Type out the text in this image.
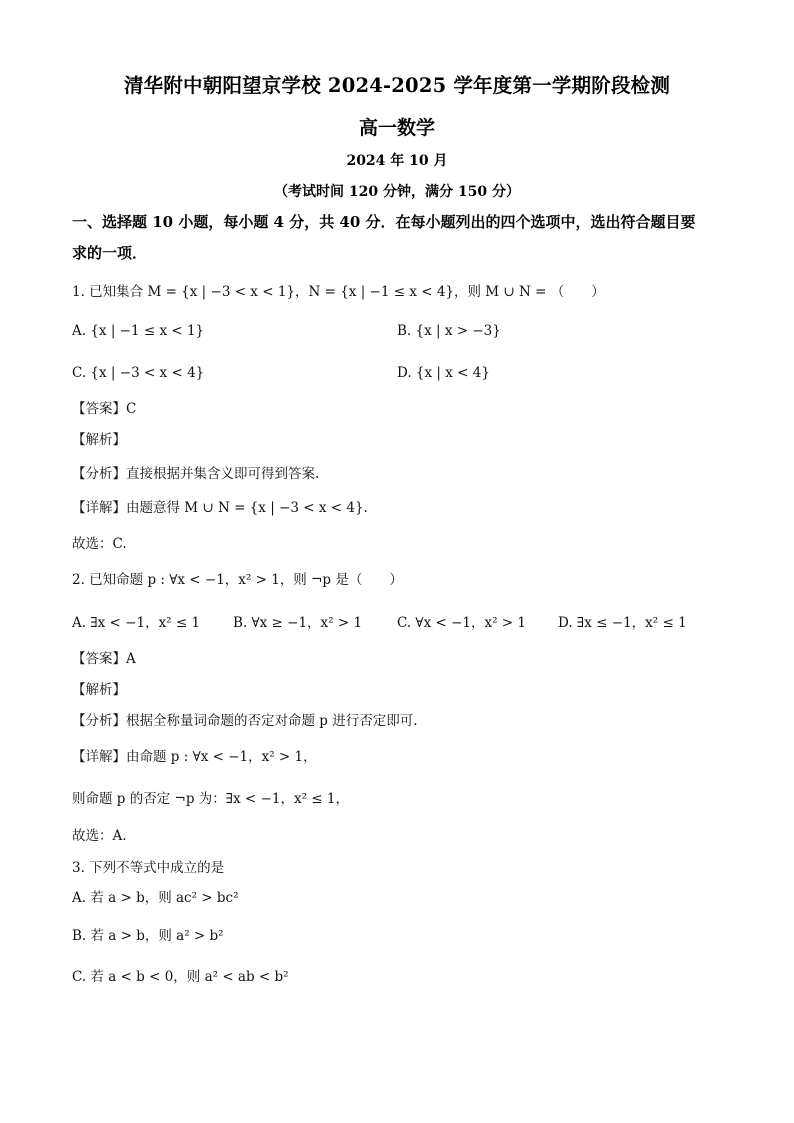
清华附中朝阳望京学校 2024-2025 学年度第一学期阶段检测
高一数学
2024 年 10 月
（考试时间 120 分钟，满分 150 分）
一、选择题 10 小题，每小题 4 分，共 40 分．在每小题列出的四个选项中，选出符合题目要
求的一项．
1. 已知集合 M = {x | −3 < x < 1}，N = {x | −1 ≤ x < 4}，则 M ∪ N = （　　）
A. {x | −1 ≤ x < 1}	B. {x | x > −3}
C. {x | −3 < x < 4}	D. {x | x < 4}
【答案】C
【解析】
【分析】直接根据并集含义即可得到答案.
【详解】由题意得 M ∪ N = {x | −3 < x < 4}.
故选：C.
2. 已知命题 p : ∀x < −1，x² > 1，则 ¬p 是（　　）
A. ∃x < −1，x² ≤ 1 B. ∀x ≥ −1，x² > 1	C. ∀x < −1，x² > 1 D. ∃x ≤ −1，x² ≤ 1
【答案】A
【解析】
【分析】根据全称量词命题的否定对命题 p 进行否定即可.
【详解】由命题 p : ∀x < −1，x² > 1，
则命题 p 的否定 ¬p 为：∃x < −1，x² ≤ 1，
故选：A.
3. 下列不等式中成立的是
A. 若 a > b，则 ac² > bc²
B. 若 a > b，则 a² > b²
C. 若 a < b < 0，则 a² < ab < b²
